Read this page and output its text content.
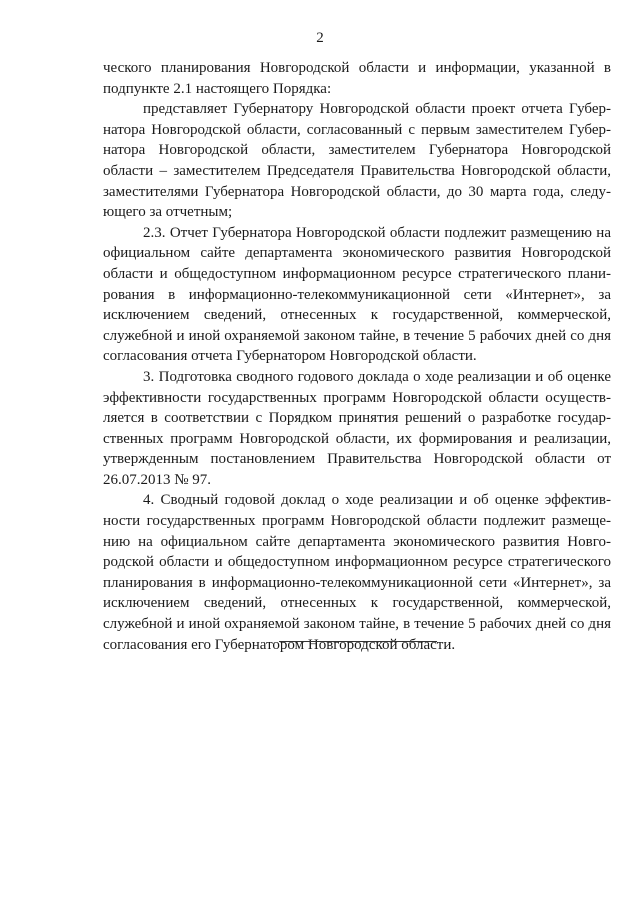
2

ческого планирования Новгородской области и информации, указанной в подпункте 2.1 настоящего Порядка:

представляет Губернатору Новгородской области проект отчета Губер-натора Новгородской области, согласованный с первым заместителем Губер-натора Новгородской области, заместителем Губернатора Новгородской области – заместителем Председателя Правительства Новгородской области, заместителями Губернатора Новгородской области, до 30 марта года, следу-ющего за отчетным;

2.3. Отчет Губернатора Новгородской области подлежит размещению на официальном сайте департамента экономического развития Новгородской области и общедоступном информационном ресурсе стратегического плани-рования в информационно-телекоммуникационной сети «Интернет», за исключением сведений, отнесенных к государственной, коммерческой, служебной и иной охраняемой законом тайне, в течение 5 рабочих дней со дня согласования отчета Губернатором Новгородской области.

3. Подготовка сводного годового доклада о ходе реализации и об оценке эффективности государственных программ Новгородской области осуществ-ляется в соответствии с Порядком принятия решений о разработке государ-ственных программ Новгородской области, их формирования и реализации, утвержденным постановлением Правительства Новгородской области от 26.07.2013 № 97.

4. Сводный годовой доклад о ходе реализации и об оценке эффектив-ности государственных программ Новгородской области подлежит размеще-нию на официальном сайте департамента экономического развития Новго-родской области и общедоступном информационном ресурсе стратегического планирования в информационно-телекоммуникационной сети «Интернет», за исключением сведений, отнесенных к государственной, коммерческой, служебной и иной охраняемой законом тайне, в течение 5 рабочих дней со дня согласования его Губернатором Новгородской области.
